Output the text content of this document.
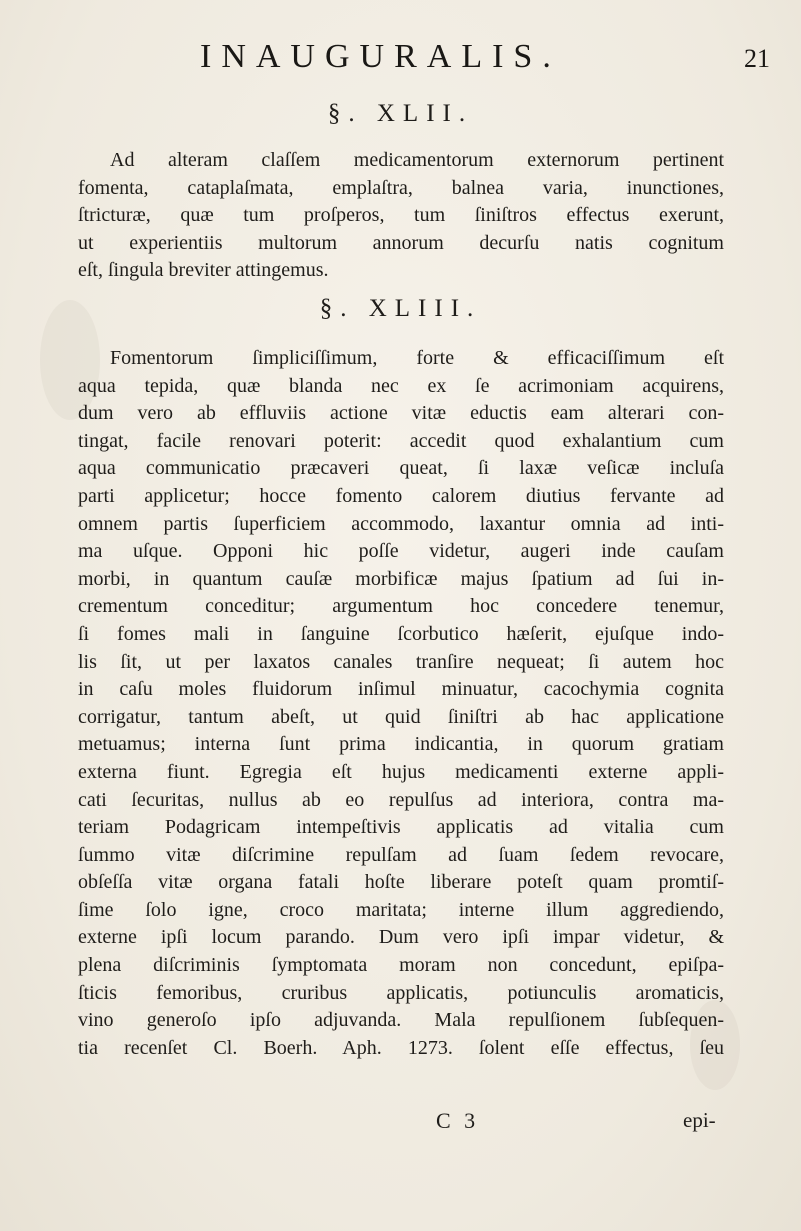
INAUGURALIS.	21
§. XLII.
Ad alteram claſſem medicamentorum externorum pertinent
fomenta, cataplaſmata, emplaſtra, balnea varia, inunctiones,
ſtricturæ, quæ tum proſperos, tum ſiniſtros effectus exerunt,
ut experientiis multorum annorum decurſu natis cognitum
eſt, ſingula breviter attingemus.
§. XLIII.
Fomentorum ſimpliciſſimum, forte & efficaciſſimum eſt
aqua tepida, quæ blanda nec ex ſe acrimoniam acquirens,
dum vero ab effluviis actione vitæ eductis eam alterari con-
tingat, facile renovari poterit: accedit quod exhalantium cum
aqua communicatio præcaveri queat, ſi laxæ veſicæ incluſa
parti applicetur; hocce fomento calorem diutius fervante ad
omnem partis ſuperficiem accommodo, laxantur omnia ad inti-
ma uſque. Opponi hic poſſe videtur, augeri inde cauſam
morbi, in quantum cauſæ morbificæ majus ſpatium ad ſui in-
crementum conceditur; argumentum hoc concedere tenemur,
ſi fomes mali in ſanguine ſcorbutico hæſerit, ejuſque indo-
lis ſit, ut per laxatos canales tranſire nequeat; ſi autem hoc
in caſu moles fluidorum inſimul minuatur, cacochymia cognita
corrigatur, tantum abeſt, ut quid ſiniſtri ab hac applicatione
metuamus; interna ſunt prima indicantia, in quorum gratiam
externa fiunt. Egregia eſt hujus medicamenti externe appli-
cati ſecuritas, nullus ab eo repulſus ad interiora, contra ma-
teriam Podagricam intempeſtivis applicatis ad vitalia cum
ſummo vitæ diſcrimine repulſam ad ſuam ſedem revocare,
obſeſſa vitæ organa fatali hoſte liberare poteſt quam promtiſ-
ſime ſolo igne, croco maritata; interne illum aggrediendo,
externe ipſi locum parando. Dum vero ipſi impar videtur, &
plena diſcriminis ſymptomata moram non concedunt, epiſpa-
ſticis femoribus, cruribus applicatis, potiunculis aromaticis,
vino generoſo ipſo adjuvanda. Mala repulſionem ſubſequen-
tia recenſet Cl. Boerh. Aph. 1273. ſolent eſſe effectus, ſeu
C 3	epi-
